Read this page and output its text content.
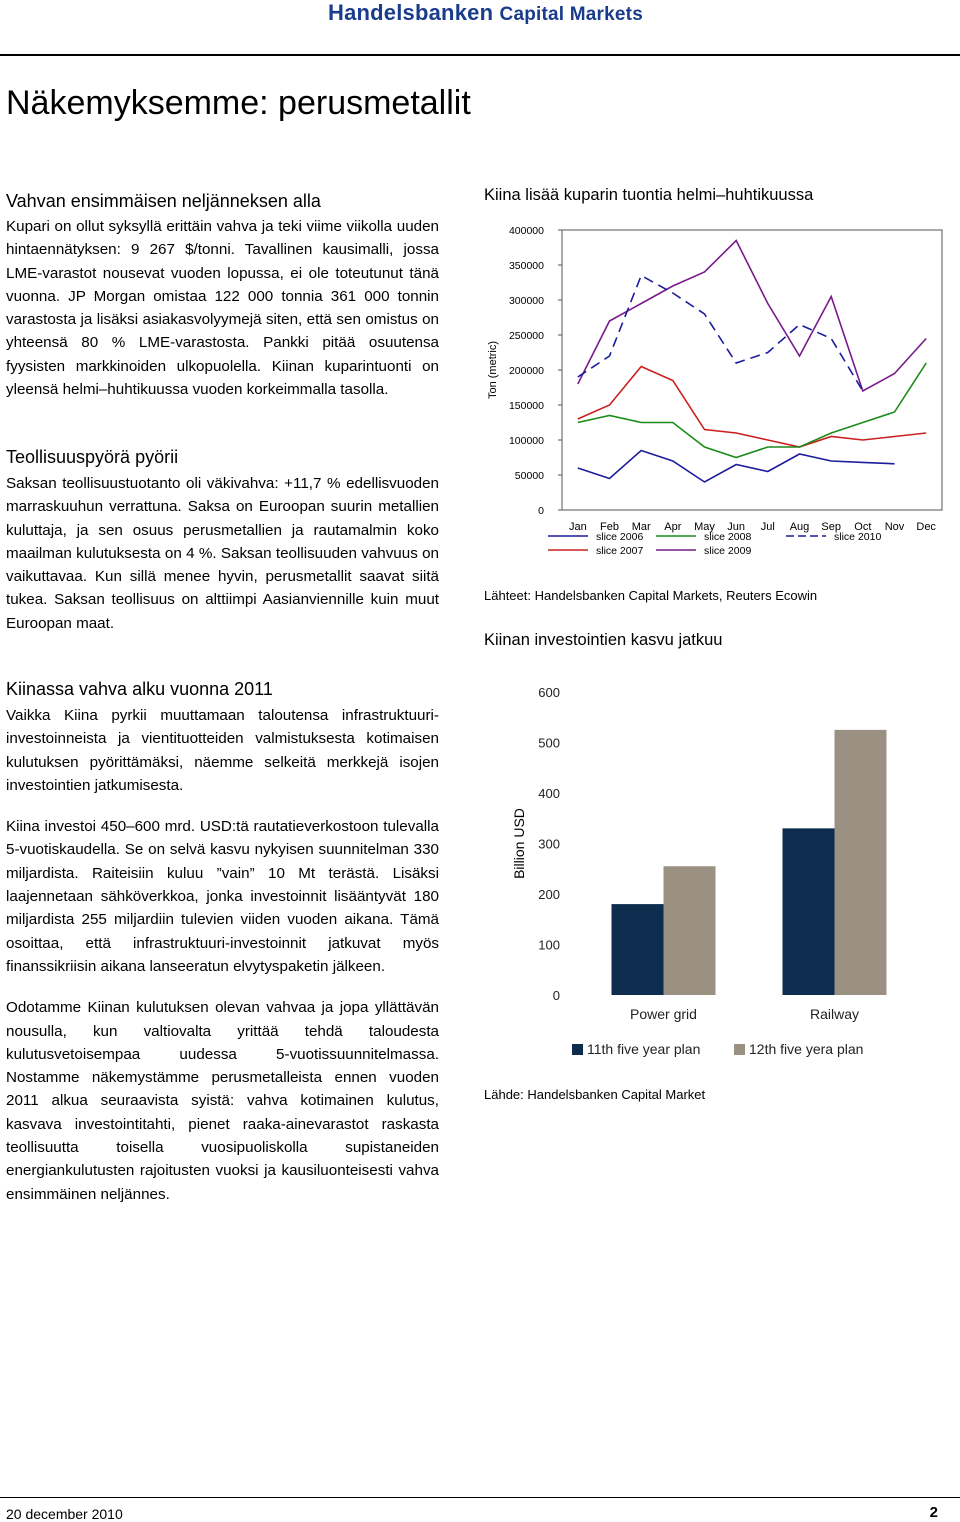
Handelsbanken Capital Markets
Näkemyksemme: perusmetallit
Vahvan ensimmäisen neljänneksen alla

Kupari on ollut syksyllä erittäin vahva ja teki viime viikolla uuden hintaennätyksen: 9 267 $/tonni. Tavallinen kausimalli, jossa LME-varastot nousevat vuoden lopussa, ei ole toteutunut tänä vuonna. JP Morgan omistaa 122 000 tonnia 361 000 tonnin varastosta ja lisäksi asiakasvolyymejä siten, että sen omistus on yhteensä 80 % LME-varastosta. Pankki pitää osuutensa fyysisten markkinoiden ulkopuolella. Kiinan kuparintuonti on yleensä helmi–huhtikuussa vuoden korkeimmalla tasolla.

Teollisuuspyörä pyörii

Saksan teollisuustuotanto oli väkivahva: +11,7 % edellisvuoden marraskuuhun verrattuna. Saksa on Euroopan suurin metallien kuluttaja, ja sen osuus perusmetallien ja rautamalmin koko maailman kulutuksesta on 4 %. Saksan teollisuuden vahvuus on vaikuttavaa. Kun sillä menee hyvin, perusmetallit saavat siitä tukea. Saksan teollisuus on alttiimpi Aasianviennille kuin muut Euroopan maat.

Kiinassa vahva alku vuonna 2011

Vaikka Kiina pyrkii muuttamaan taloutensa infrastruktuuri-investoinneista ja vientituotteiden valmistuksesta kotimaisen kulutuksen pyörittämäksi, näemme selkeitä merkkejä isojen investointien jatkumisesta.

Kiina investoi 450–600 mrd. USD:tä rautatieverkostoon tulevalla 5-vuotiskaudella. Se on selvä kasvu nykyisen suunnitelman 330 miljardista. Raiteisiin kuluu ”vain” 10 Mt terästä. Lisäksi laajennetaan sähköverkkoa, jonka investoinnit lisääntyvät 180 miljardista 255 miljardiin tulevien viiden vuoden aikana. Tämä osoittaa, että infrastruktuuri-investoinnit jatkuvat myös finanssikriisin aikana lanseeratun elvytyspaketin jälkeen.

Odotamme Kiinan kulutuksen olevan vahvaa ja jopa yllättävän nousulla, kun valtiovalta yrittää tehdä taloudesta kulutusvetoisempaa uudessa 5-vuotissuunnitelmassa. Nostamme näkemystämme perusmetalleista ennen vuoden 2011 alkua seuraavista syistä: vahva kotimainen kulutus, kasvava investointitahti, pienet raaka-ainevarastot raskasta teollisuutta toisella vuosipuoliskolla supistaneiden energiankulutusten rajoitusten vuoksi ja kausiluonteisesti vahva ensimmäinen neljännes.

Kiina lisää kuparin tuontia helmi–huhtikuussa
0
50000
100000
150000
200000
250000
300000
350000
400000
Ton (metric)
Jan Feb Mar Apr May Jun Jul Aug Sep Oct Nov Dec
slice 2006
slice 2007
slice 2008
slice 2009
slice 2010
Lähteet: Handelsbanken Capital Markets, Reuters Ecowin
Kiinan investointien kasvu jatkuu
0
100
200
300
400
500
600
Billion USD
Power grid	Railway
11th five year plan	12th five yera plan
Lähde: Handelsbanken Capital Market
20 december 2010	2
